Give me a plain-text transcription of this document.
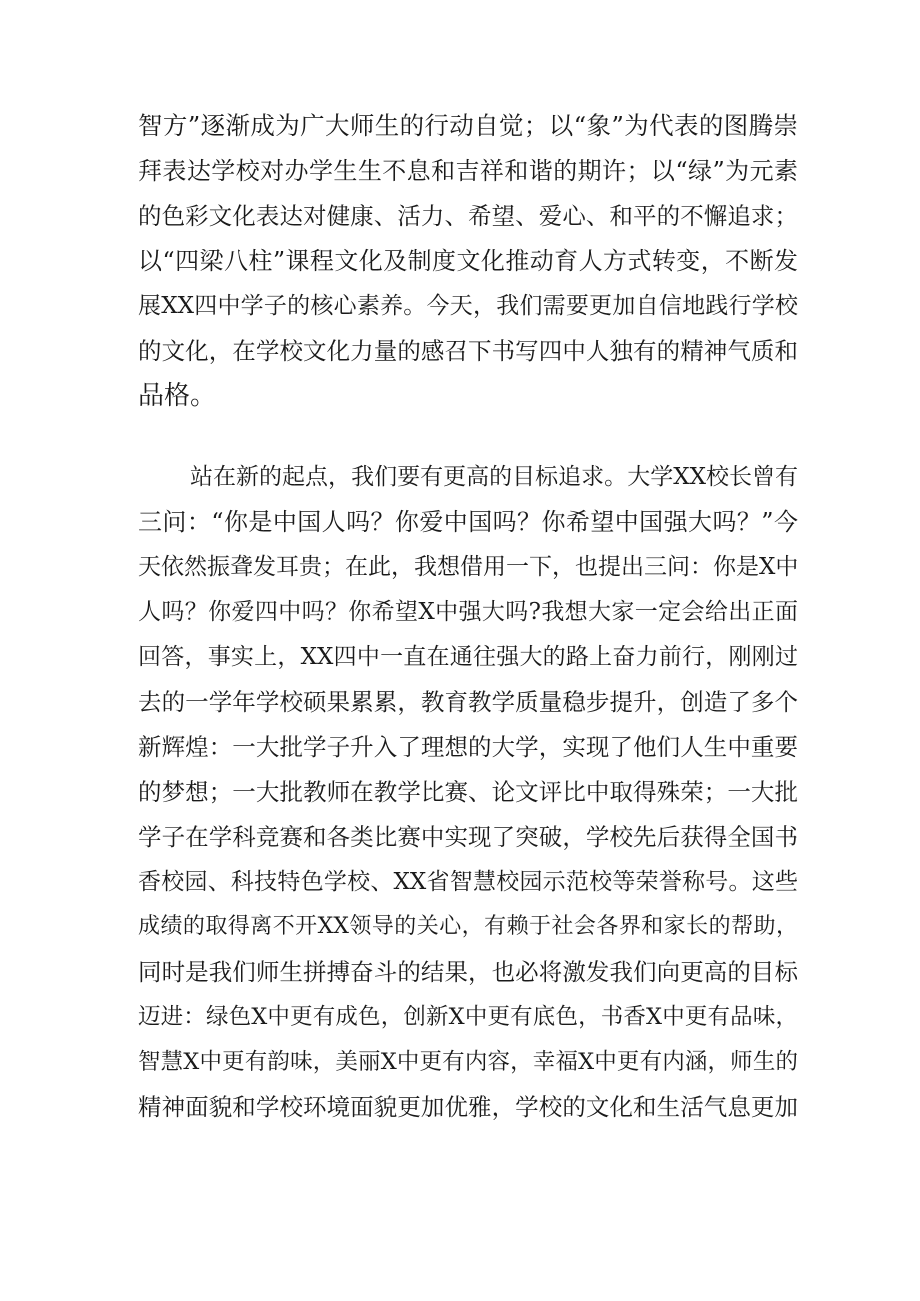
智方”逐渐成为广大师生的行动自觉；以“象”为代表的图腾崇

拜表达学校对办学生生不息和吉祥和谐的期许；以“绿”为元素

的色彩文化表达对健康、活力、希望、爱心、和平的不懈追求；

以“四梁八柱”课程文化及制度文化推动育人方式转变，不断发

展XX四中学子的核心素养。今天，我们需要更加自信地践行学校

的文化，在学校文化力量的感召下书写四中人独有的精神气质和

品格。

站在新的起点，我们要有更高的目标追求。大学XX校长曾有

三问：“你是中国人吗？你爱中国吗？你希望中国强大吗？”今

天依然振聋发耳贵；在此，我想借用一下，也提出三问：你是X中

人吗？你爱四中吗？你希望X中强大吗?我想大家一定会给出正面

回答，事实上，XX四中一直在通往强大的路上奋力前行，刚刚过

去的一学年学校硕果累累，教育教学质量稳步提升，创造了多个

新辉煌：一大批学子升入了理想的大学，实现了他们人生中重要

的梦想；一大批教师在教学比赛、论文评比中取得殊荣；一大批

学子在学科竞赛和各类比赛中实现了突破，学校先后获得全国书

香校园、科技特色学校、XX省智慧校园示范校等荣誉称号。这些

成绩的取得离不开XX领导的关心，有赖于社会各界和家长的帮助，

同时是我们师生拼搏奋斗的结果，也必将激发我们向更高的目标

迈进：绿色X中更有成色，创新X中更有底色，书香X中更有品味，

智慧X中更有韵味，美丽X中更有内容，幸福X中更有内涵，师生的

精神面貌和学校环境面貌更加优雅，学校的文化和生活气息更加
